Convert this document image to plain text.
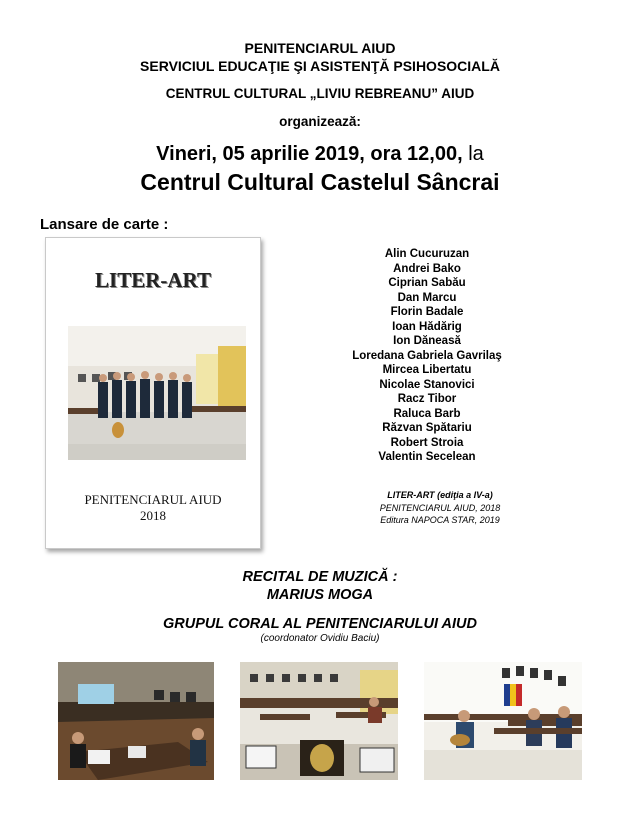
PENITENCIARUL AIUD
SERVICIUL EDUCAŢIE ŞI ASISTENŢĂ PSIHOSOCIALĂ
CENTRUL CULTURAL „LIVIU REBREANU” AIUD
organizează:
Vineri, 05 aprilie 2019, ora 12,00, la
Centrul Cultural Castelul Sâncrai
Lansare de carte :
LITER-ART
PENITENCIARUL AIUD
2018
Alin Cucuruzan
Andrei Bako
Ciprian Sabău
Dan Marcu
Florin Badale
Ioan Hădărig
Ion Dăneasă
Loredana Gabriela Gavrilaş
Mircea Libertatu
Nicolae Stanovici
Racz Tibor
Raluca Barb
Răzvan Spătariu
Robert Stroia
Valentin Secelean
LITER-ART (ediţia a IV-a)
PENITENCIARUL AIUD, 2018
Editura NAPOCA STAR, 2019
RECITAL DE MUZICĂ :
MARIUS MOGA
GRUPUL CORAL AL PENITENCIARULUI AIUD
(coordonator Ovidiu Baciu)
